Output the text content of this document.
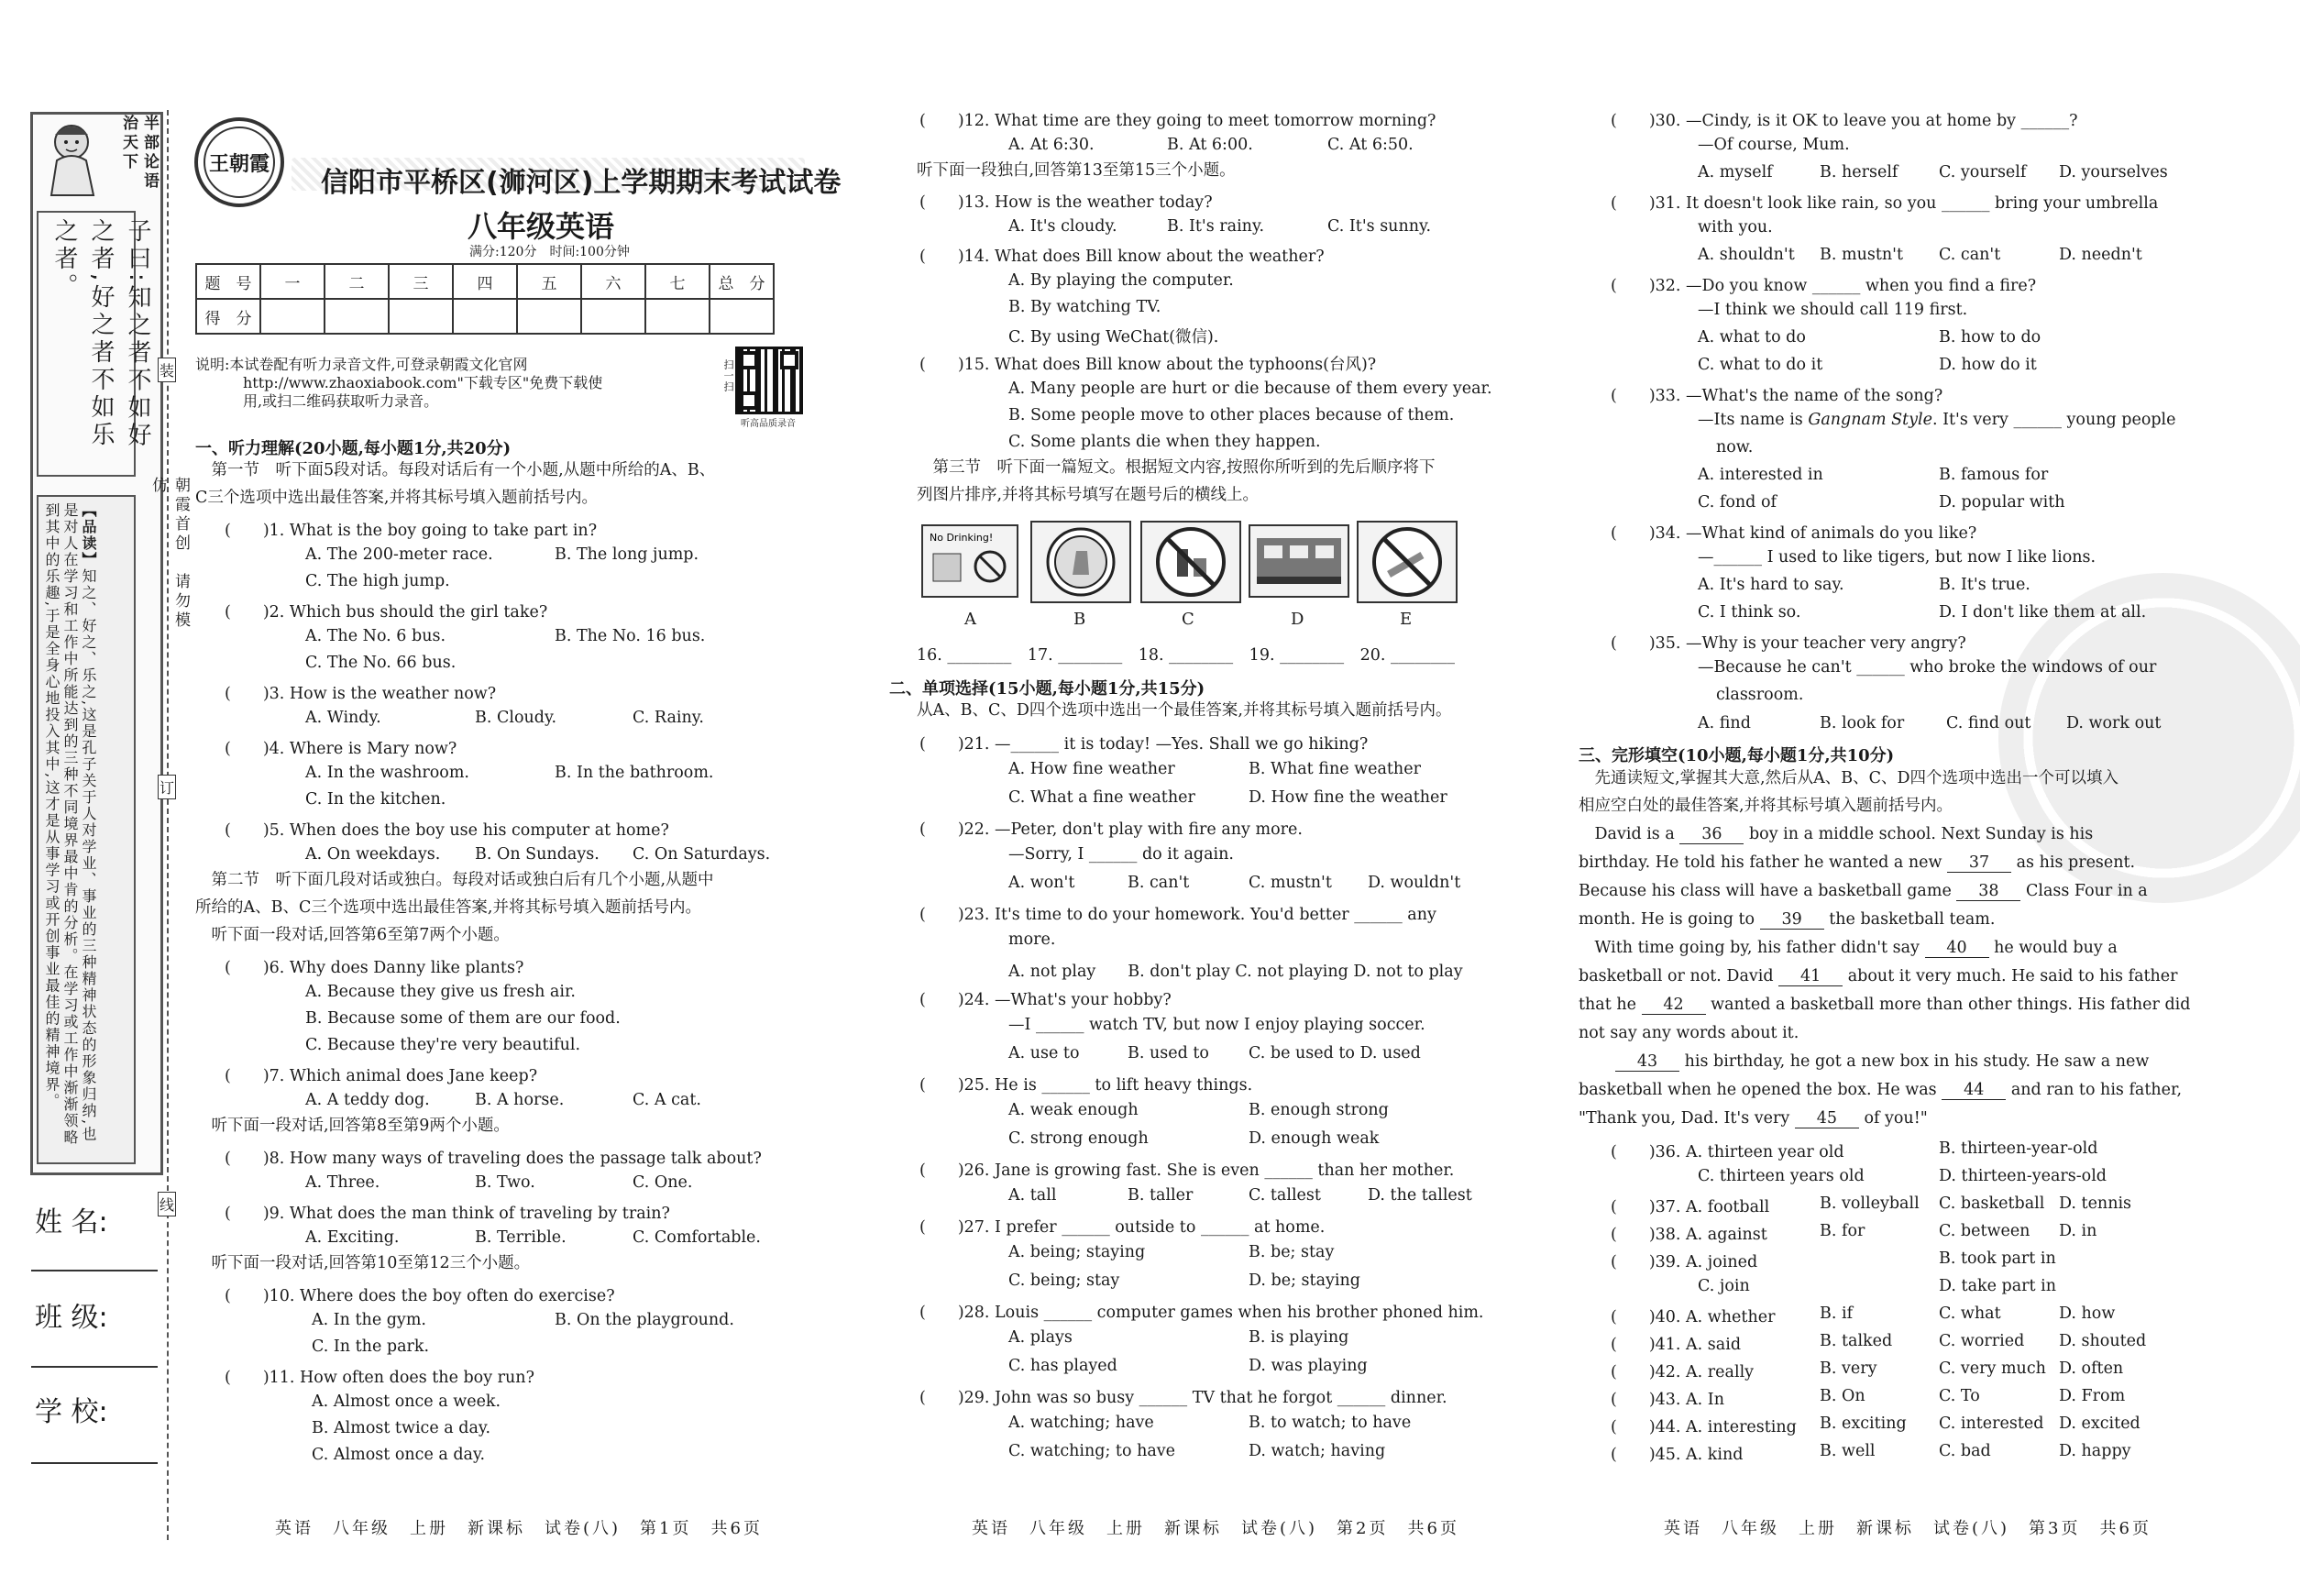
半部论语治天下
子曰:知之者不如好之者,好之者不如乐之者。
【品读】知之、好之、乐之,这是孔子关于人对学业、事业的三种精神状态的形象归纳,也是对人在学习和工作中所能达到的三种不同境界最中肯的分析。在学习或工作中渐渐领略到其中的乐趣,于是全身心地投入其中,这才是从事学习或开创事业最佳的精神境界。	朝霞首创　请勿模仿
装
订
线
姓 名:
班 级:
学 校:
王朝霞
信阳市平桥区(浉河区)上学期期末考试试卷
八年级英语
满分:120分　时间:100分钟
题　号	一	二	三	四	五	六	七	总　分
得　分								
说明:本试卷配有听力录音文件,可登录朝霞文化官网
http://www.zhaoxiabook.com"下载专区"免费下载使
用,或扫二维码获取听力录音。
扫一扫
听高品质录音
一、听力理解(20小题,每小题1分,共20分)
　第一节　听下面5段对话。每段对话后有一个小题,从题中所给的A、B、
C三个选项中选出最佳答案,并将其标号填入题前括号内。
(　　)1. What is the boy going to take part in?
A. The 200-meter race.	B. The long jump.
C. The high jump.
(　　)2. Which bus should the girl take?
A. The No. 6 bus.	B. The No. 16 bus.
C. The No. 66 bus.
(　　)3. How is the weather now?
A. Windy.	B. Cloudy.	C. Rainy.
(　　)4. Where is Mary now?
A. In the washroom.	B. In the bathroom.
C. In the kitchen.
(　　)5. When does the boy use his computer at home?
A. On weekdays. B. On Sundays. C. On Saturdays.
　第二节　听下面几段对话或独白。每段对话或独白后有几个小题,从题中
所给的A、B、C三个选项中选出最佳答案,并将其标号填入题前括号内。
　听下面一段对话,回答第6至第7两个小题。
(　　)6. Why does Danny like plants?
A. Because they give us fresh air.
B. Because some of them are our food.
C. Because they're very beautiful.
(　　)7. Which animal does Jane keep?
A. A teddy dog.	B. A horse.	C. A cat.
　听下面一段对话,回答第8至第9两个小题。
(　　)8. How many ways of traveling does the passage talk about?
A. Three.	B. Two.	C. One.
(　　)9. What does the man think of traveling by train?
A. Exciting.	B. Terrible.	C. Comfortable.
　听下面一段对话,回答第10至第12三个小题。
(　　)10. Where does the boy often do exercise?
A. In the gym.	B. On the playground.
C. In the park.
(　　)11. How often does the boy run?
A. Almost once a week.
B. Almost twice a day.
C. Almost once a day.
英语　八年级　上册　新课标　试卷(八)　第1页　共6页
(　　)12. What time are they going to meet tomorrow morning?
A. At 6:30.	B. At 6:00.	C. At 6:50.
听下面一段独白,回答第13至第15三个小题。
(　　)13. How is the weather today?
A. It's cloudy.	B. It's rainy.	C. It's sunny.
(　　)14. What does Bill know about the weather?
A. By playing the computer.
B. By watching TV.
C. By using WeChat(微信).
(　　)15. What does Bill know about the typhoons(台风)?
A. Many people are hurt or die because of them every year.
B. Some people move to other places because of them.
C. Some plants die when they happen.
　第三节　听下面一篇短文。根据短文内容,按照你所听到的先后顺序将下
列图片排序,并将其标号填写在题号后的横线上。
No Drinking!
A	B	C	D	E
16. ________　17. ________　18. ________　19. ________　20. ________
二、单项选择(15小题,每小题1分,共15分)
从A、B、C、D四个选项中选出一个最佳答案,并将其标号填入题前括号内。
(　　)21. —______ it is today! —Yes. Shall we go hiking?
A. How fine weather	B. What fine weather
C. What a fine weather	D. How fine the weather
(　　)22. —Peter, don't play with fire any more.
—Sorry, I ______ do it again.
A. won't	B. can't	C. mustn't D. wouldn't
(　　)23. It's time to do your homework. You'd better ______ any
more.
A. not play　　B. don't play C. not playing D. not to play
(　　)24. —What's your hobby?
—I ______ watch TV, but now I enjoy playing soccer.
A. use to	B. used to C. be used to D. used
(　　)25. He is ______ to lift heavy things.
A. weak enough	B. enough strong
C. strong enough	D. enough weak
(　　)26. Jane is growing fast. She is even ______ than her mother.
A. tall	B. taller	C. tallest	D. the tallest
(　　)27. I prefer ______ outside to ______ at home.
A. being; staying	B. be; stay
C. being; stay	D. be; staying
(　　)28. Louis ______ computer games when his brother phoned him.
A. plays	B. is playing
C. has played	D. was playing
(　　)29. John was so busy ______ TV that he forgot ______ dinner.
A. watching; have	B. to watch; to have
C. watching; to have	D. watch; having
英语　八年级　上册　新课标　试卷(八)　第2页　共6页
(　　)30. —Cindy, is it OK to leave you at home by ______?
—Of course, Mum.
A. myself	B. herself	C. yourself D. yourselves
(　　)31. It doesn't look like rain, so you ______ bring your umbrella
with you.
A. shouldn't B. mustn't C. can't	D. needn't
(　　)32. —Do you know ______ when you find a fire?
—I think we should call 119 first.
A. what to do	B. how to do
C. what to do it	D. how do it
(　　)33. —What's the name of the song?
—Its name is Gangnam Style. It's very ______ young people
now.
A. interested in	B. famous for
C. fond of	D. popular with
(　　)34. —What kind of animals do you like?
—______ I used to like tigers, but now I like lions.
A. It's hard to say.	B. It's true.
C. I think so.	D. I don't like them at all.
(　　)35. —Why is your teacher very angry?
—Because he can't ______ who broke the windows of our
classroom.
A. find	B. look for	C. find out D. work out
三、完形填空(10小题,每小题1分,共10分)
　先通读短文,掌握其大意,然后从A、B、C、D四个选项中选出一个可以填入
相应空白处的最佳答案,并将其标号填入题前括号内。
　David is a 36 boy in a middle school. Next Sunday is his
birthday. He told his father he wanted a new 37 as his present.
Because his class will have a basketball game 38 Class Four in a
month. He is going to 39 the basketball team.
　With time going by, his father didn't say 40 he would buy a
basketball or not. David 41 about it very much. He said to his father
that he 42 wanted a basketball more than other things. His father did
not say any words about it.
43 his birthday, he got a new box in his study. He saw a new
basketball when he opened the box. He was 44 and ran to his father,
"Thank you, Dad. It's very 45 of you!"
(　　)36. A. thirteen year old	B. thirteen-year-old
C. thirteen years old	D. thirteen-years-old
(　　)37. A. football	B. volleyball C. basketball D. tennis
(　　)38. A. against	B. for	C. between D. in
(　　)39. A. joined	B. took part in
C. join	D. take part in
(　　)40. A. whether	B. if	C. what	D. how
(　　)41. A. said	B. talked	C. worried D. shouted
(　　)42. A. really	B. very	C. very much D. often
(　　)43. A. In	B. On	C. To	D. From
(　　)44. A. interesting B. exciting C. interested D. excited
(　　)45. A. kind	B. well	C. bad	D. happy
英语　八年级　上册　新课标　试卷(八)　第3页　共6页
